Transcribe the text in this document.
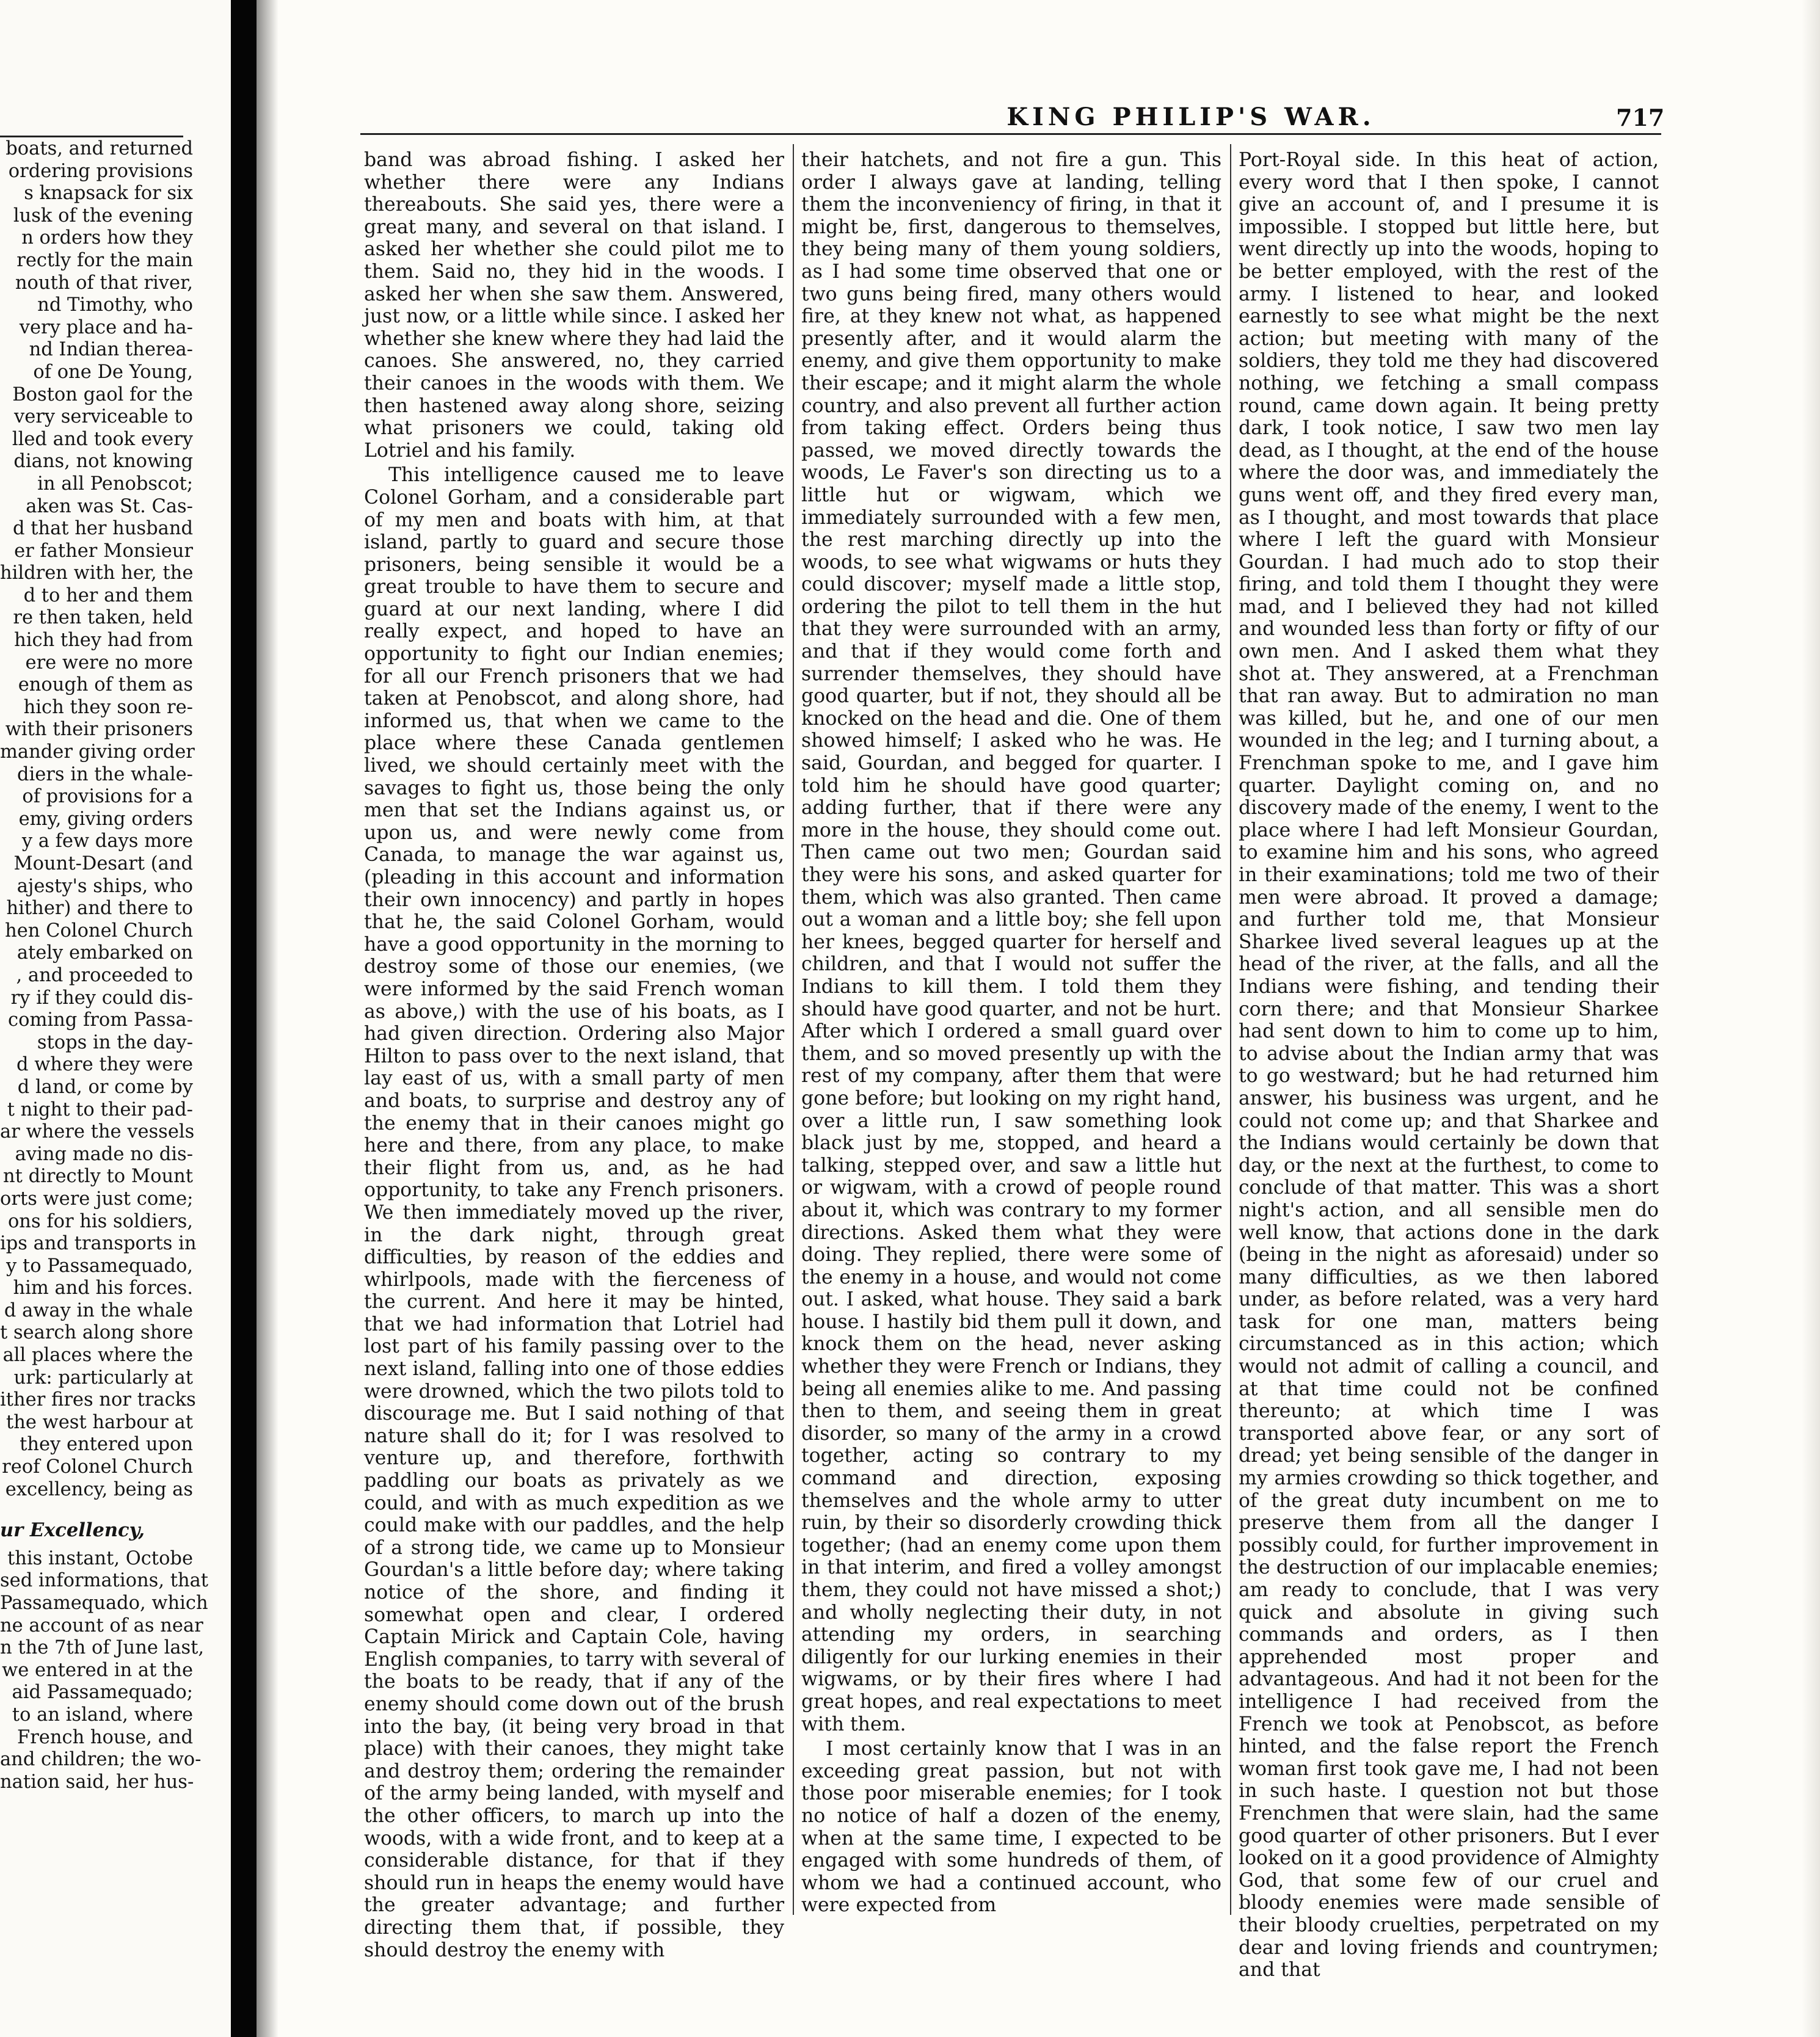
boats, and returned
ordering provisions
s knapsack for six
lusk of the evening
n orders how they
rectly for the main
nouth of that river,
nd Timothy, who
very place and ha-
nd Indian therea-
of one De Young,
Boston gaol for the
very serviceable to
lled and took every
dians, not knowing
in all Penobscot;
aken was St. Cas-
d that her husband
er father Monsieur
hildren with her, the
d to her and them
re then taken, held
hich they had from
ere were no more
enough of them as
hich they soon re-
with their prisoners
mander giving order
diers in the whale-
of provisions for a
emy, giving orders
y a few days more
Mount-Desart (and
ajesty's ships, who
hither) and there to
hen Colonel Church
ately embarked on
, and proceeded to
ry if they could dis-
coming from Passa-
stops in the day-
d where they were
d land, or come by
t night to their pad-
ar where the vessels
aving made no dis-
nt directly to Mount
orts were just come;
ons for his soldiers,
ips and transports in
y to Passamequado,
him and his forces.
d away in the whale
t search along shore
all places where the
urk: particularly at
ither fires nor tracks
the west harbour at
they entered upon
reof Colonel Church
excellency, being as
ur Excellency,
this instant, Octobe
sed informations, that
Passamequado, which
ne account of as near
n the 7th of June last,
we entered in at the
aid Passamequado;
to an island, where
French house, and
and children; the wo-
nation said, her hus-
KING PHILIP'S WAR.	717

band was abroad fishing. I asked her whether there were any Indians thereabouts. She said yes, there were a great many, and several on that island. I asked her whether she could pilot me to them. Said no, they hid in the woods. I asked her when she saw them. Answered, just now, or a little while since. I asked her whether she knew where they had laid the canoes. She answered, no, they carried their canoes in the woods with them. We then hastened away along shore, seizing what prisoners we could, taking old Lotriel and his family.

This intelligence caused me to leave Colonel Gorham, and a considerable part of my men and boats with him, at that island, partly to guard and secure those prisoners, being sensible it would be a great trouble to have them to secure and guard at our next landing, where I did really expect, and hoped to have an opportunity to fight our Indian enemies; for all our French prisoners that we had taken at Penobscot, and along shore, had informed us, that when we came to the place where these Canada gentlemen lived, we should certainly meet with the savages to fight us, those being the only men that set the Indians against us, or upon us, and were newly come from Canada, to manage the war against us, (pleading in this account and information their own innocency) and partly in hopes that he, the said Colonel Gorham, would have a good opportunity in the morning to destroy some of those our enemies, (we were informed by the said French woman as above,) with the use of his boats, as I had given direction. Ordering also Major Hilton to pass over to the next island, that lay east of us, with a small party of men and boats, to surprise and destroy any of the enemy that in their canoes might go here and there, from any place, to make their flight from us, and, as he had opportunity, to take any French prisoners. We then immediately moved up the river, in the dark night, through great difficulties, by reason of the eddies and whirlpools, made with the fierceness of the current. And here it may be hinted, that we had information that Lotriel had lost part of his family passing over to the next island, falling into one of those eddies were drowned, which the two pilots told to discourage me. But I said nothing of that nature shall do it; for I was resolved to venture up, and therefore, forthwith paddling our boats as privately as we could, and with as much expedition as we could make with our paddles, and the help of a strong tide, we came up to Monsieur Gourdan's a little before day; where taking notice of the shore, and finding it somewhat open and clear, I ordered Captain Mirick and Captain Cole, having English companies, to tarry with several of the boats to be ready, that if any of the enemy should come down out of the brush into the bay, (it being very broad in that place) with their canoes, they might take and destroy them; ordering the remainder of the army being landed, with myself and the other officers, to march up into the woods, with a wide front, and to keep at a considerable distance, for that if they should run in heaps the enemy would have the greater advantage; and further directing them that, if possible, they should destroy the enemy with

their hatchets, and not fire a gun. This order I always gave at landing, telling them the inconveniency of firing, in that it might be, first, dangerous to themselves, they being many of them young soldiers, as I had some time observed that one or two guns being fired, many others would fire, at they knew not what, as happened presently after, and it would alarm the enemy, and give them opportunity to make their escape; and it might alarm the whole country, and also prevent all further action from taking effect. Orders being thus passed, we moved directly towards the woods, Le Faver's son directing us to a little hut or wigwam, which we immediately surrounded with a few men, the rest marching directly up into the woods, to see what wigwams or huts they could discover; myself made a little stop, ordering the pilot to tell them in the hut that they were surrounded with an army, and that if they would come forth and surrender themselves, they should have good quarter, but if not, they should all be knocked on the head and die. One of them showed himself; I asked who he was. He said, Gourdan, and begged for quarter. I told him he should have good quarter; adding further, that if there were any more in the house, they should come out. Then came out two men; Gourdan said they were his sons, and asked quarter for them, which was also granted. Then came out a woman and a little boy; she fell upon her knees, begged quarter for herself and children, and that I would not suffer the Indians to kill them. I told them they should have good quarter, and not be hurt. After which I ordered a small guard over them, and so moved presently up with the rest of my company, after them that were gone before; but looking on my right hand, over a little run, I saw something look black just by me, stopped, and heard a talking, stepped over, and saw a little hut or wigwam, with a crowd of people round about it, which was contrary to my former directions. Asked them what they were doing. They replied, there were some of the enemy in a house, and would not come out. I asked, what house. They said a bark house. I hastily bid them pull it down, and knock them on the head, never asking whether they were French or Indians, they being all enemies alike to me. And passing then to them, and seeing them in great disorder, so many of the army in a crowd together, acting so contrary to my command and direction, exposing themselves and the whole army to utter ruin, by their so disorderly crowding thick together; (had an enemy come upon them in that interim, and fired a volley amongst them, they could not have missed a shot;) and wholly neglecting their duty, in not attending my orders, in searching diligently for our lurking enemies in their wigwams, or by their fires where I had great hopes, and real expectations to meet with them.

I most certainly know that I was in an exceeding great passion, but not with those poor miserable enemies; for I took no notice of half a dozen of the enemy, when at the same time, I expected to be engaged with some hundreds of them, of whom we had a continued account, who were expected from

Port-Royal side. In this heat of action, every word that I then spoke, I cannot give an account of, and I presume it is impossible. I stopped but little here, but went directly up into the woods, hoping to be better employed, with the rest of the army. I listened to hear, and looked earnestly to see what might be the next action; but meeting with many of the soldiers, they told me they had discovered nothing, we fetching a small compass round, came down again. It being pretty dark, I took notice, I saw two men lay dead, as I thought, at the end of the house where the door was, and immediately the guns went off, and they fired every man, as I thought, and most towards that place where I left the guard with Monsieur Gourdan. I had much ado to stop their firing, and told them I thought they were mad, and I believed they had not killed and wounded less than forty or fifty of our own men. And I asked them what they shot at. They answered, at a Frenchman that ran away. But to admiration no man was killed, but he, and one of our men wounded in the leg; and I turning about, a Frenchman spoke to me, and I gave him quarter. Daylight coming on, and no discovery made of the enemy, I went to the place where I had left Monsieur Gourdan, to examine him and his sons, who agreed in their examinations; told me two of their men were abroad. It proved a damage; and further told me, that Monsieur Sharkee lived several leagues up at the head of the river, at the falls, and all the Indians were fishing, and tending their corn there; and that Monsieur Sharkee had sent down to him to come up to him, to advise about the Indian army that was to go westward; but he had returned him answer, his business was urgent, and he could not come up; and that Sharkee and the Indians would certainly be down that day, or the next at the furthest, to come to conclude of that matter. This was a short night's action, and all sensible men do well know, that actions done in the dark (being in the night as aforesaid) under so many difficulties, as we then labored under, as before related, was a very hard task for one man, matters being circumstanced as in this action; which would not admit of calling a council, and at that time could not be confined thereunto; at which time I was transported above fear, or any sort of dread; yet being sensible of the danger in my armies crowding so thick together, and of the great duty incumbent on me to preserve them from all the danger I possibly could, for further improvement in the destruction of our implacable enemies; am ready to conclude, that I was very quick and absolute in giving such commands and orders, as I then apprehended most proper and advantageous. And had it not been for the intelligence I had received from the French we took at Penobscot, as before hinted, and the false report the French woman first took gave me, I had not been in such haste. I question not but those Frenchmen that were slain, had the same good quarter of other prisoners. But I ever looked on it a good providence of Almighty God, that some few of our cruel and bloody enemies were made sensible of their bloody cruelties, perpetrated on my dear and loving friends and countrymen; and that
